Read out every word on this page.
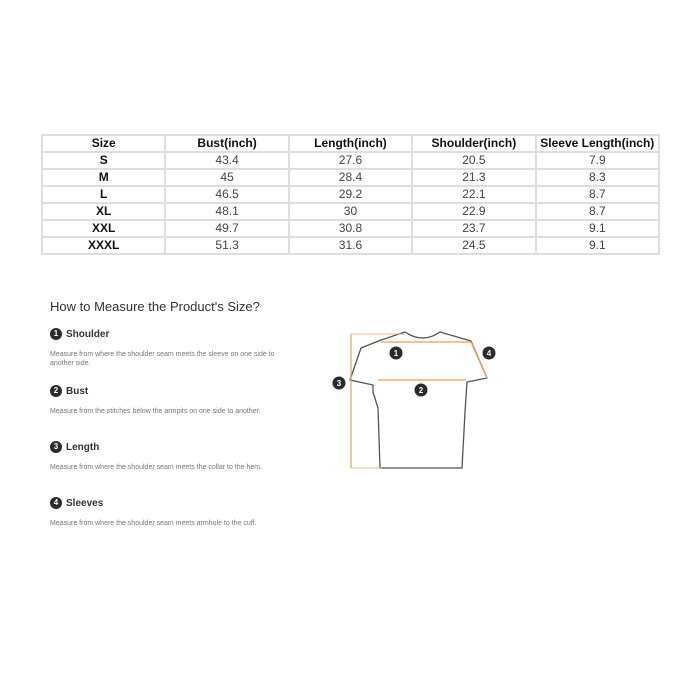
Size	Bust(inch)	Length(inch)	Shoulder(inch)	Sleeve Length(inch)
S	43.4	27.6	20.5	7.9
M	45	28.4	21.3	8.3
L	46.5	29.2	22.1	8.7
XL	48.1	30	22.9	8.7
XXL	49.7	30.8	23.7	9.1
XXXL	51.3	31.6	24.5	9.1
How to Measure the Product's Size?
1 Shoulder
Measure from where the shoulder seam meets the sleeve on one side to another side.
2 Bust
Measure from the stitches below the armpits on one side to another.
3 Length
Measure from where the shoulder seam meets the collar to the hem.
4 Sleeves
Measure from where the shoulder seam meets armhole to the cuff.
1
2
3
4
